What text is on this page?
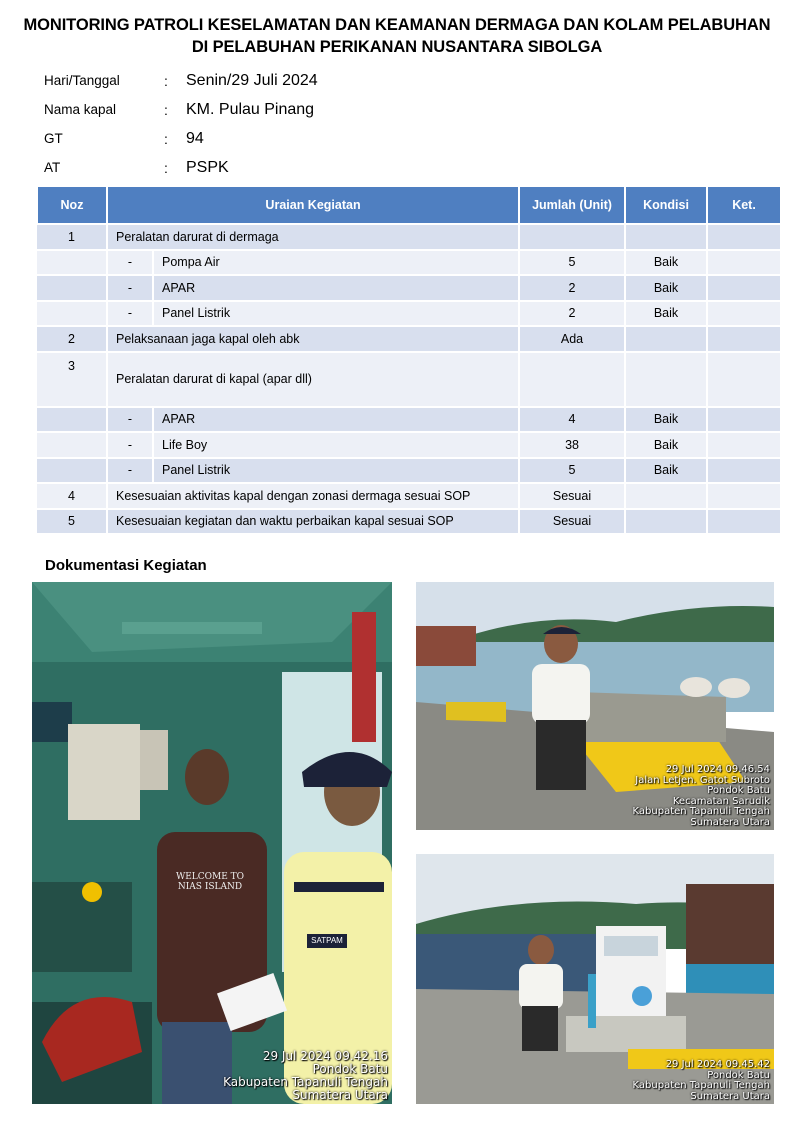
MONITORING PATROLI KESELAMATAN DAN KEAMANAN DERMAGA DAN KOLAM PELABUHAN
DI PELABUHAN PERIKANAN NUSANTARA SIBOLGA
Hari/Tanggal	:	Senin/29 Juli 2024
Nama kapal	:	KM. Pulau Pinang
GT	:	94
AT	:	PSPK
Noz	Uraian Kegiatan		Jumlah (Unit)	Kondisi	Ket.
1	Peralatan darurat di dermaga				
	-	Pompa Air	5	Baik	
	-	APAR	2	Baik	
	-	Panel Listrik	2	Baik	
2	Pelaksanaan jaga kapal oleh abk		Ada		
3	Peralatan darurat di kapal (apar dll)				
	-	APAR	4	Baik	
	-	Life Boy	38	Baik	
	-	Panel Listrik	5	Baik	
4	Kesesuaian aktivitas kapal dengan zonasi dermaga sesuai SOP		Sesuai		
5	Kesesuaian kegiatan dan waktu perbaikan kapal sesuai SOP		Sesuai		
Dokumentasi Kegiatan
WELCOME TO NIAS ISLAND
SATPAM
29 Jul 2024 09.42.16
Pondok Batu
Kabupaten Tapanuli Tengah
Sumatera Utara
29 Jul 2024 09.46.54
Jalan Letjen. Gatot Subroto
Pondok Batu
Kecamatan Sarudik
Kabupaten Tapanuli Tengah
Sumatera Utara
29 Jul 2024 09.45.42
Pondok Batu
Kabupaten Tapanuli Tengah
Sumatera Utara
